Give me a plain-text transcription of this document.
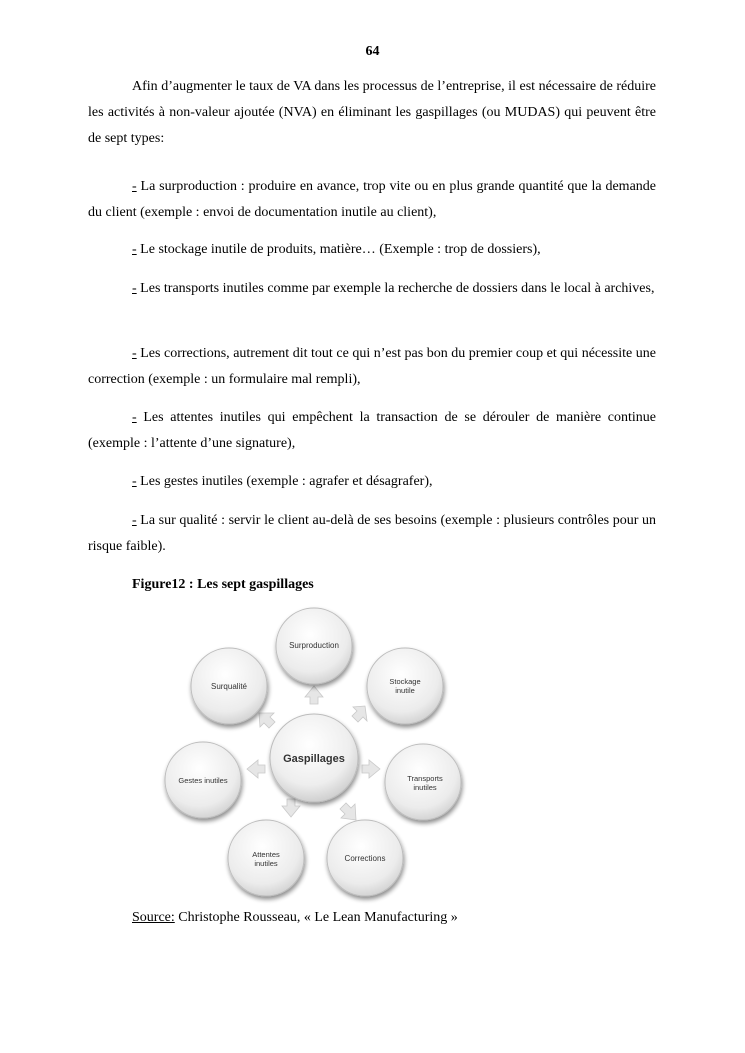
64

Afin d’augmenter le taux de VA dans les processus de l’entreprise, il est nécessaire de réduire les activités à non-valeur ajoutée (NVA) en éliminant les gaspillages (ou MUDAS) qui peuvent être de sept types:

- La surproduction : produire en avance, trop vite ou en plus grande quantité que la demande du client (exemple : envoi de documentation inutile au client),

- Le stockage inutile de produits, matière… (Exemple : trop de dossiers),

- Les transports inutiles comme par exemple la recherche de dossiers dans le local à archives,

- Les corrections, autrement dit tout ce qui n’est pas bon du premier coup et qui nécessite une correction (exemple : un formulaire mal rempli),

- Les attentes inutiles qui empêchent la transaction de se dérouler de manière continue (exemple : l’attente d’une signature),

- Les gestes inutiles (exemple : agrafer et désagrafer),

- La sur qualité : servir le client au-delà de ses besoins (exemple : plusieurs contrôles pour un risque faible).

Figure12 : Les sept gaspillages
Surproduction
Stockage
inutile
Transports
inutiles
Corrections
Attentes
inutiles
Gestes inutiles
Surqualité
Gaspillages
Source: Christophe Rousseau, « Le Lean Manufacturing »
